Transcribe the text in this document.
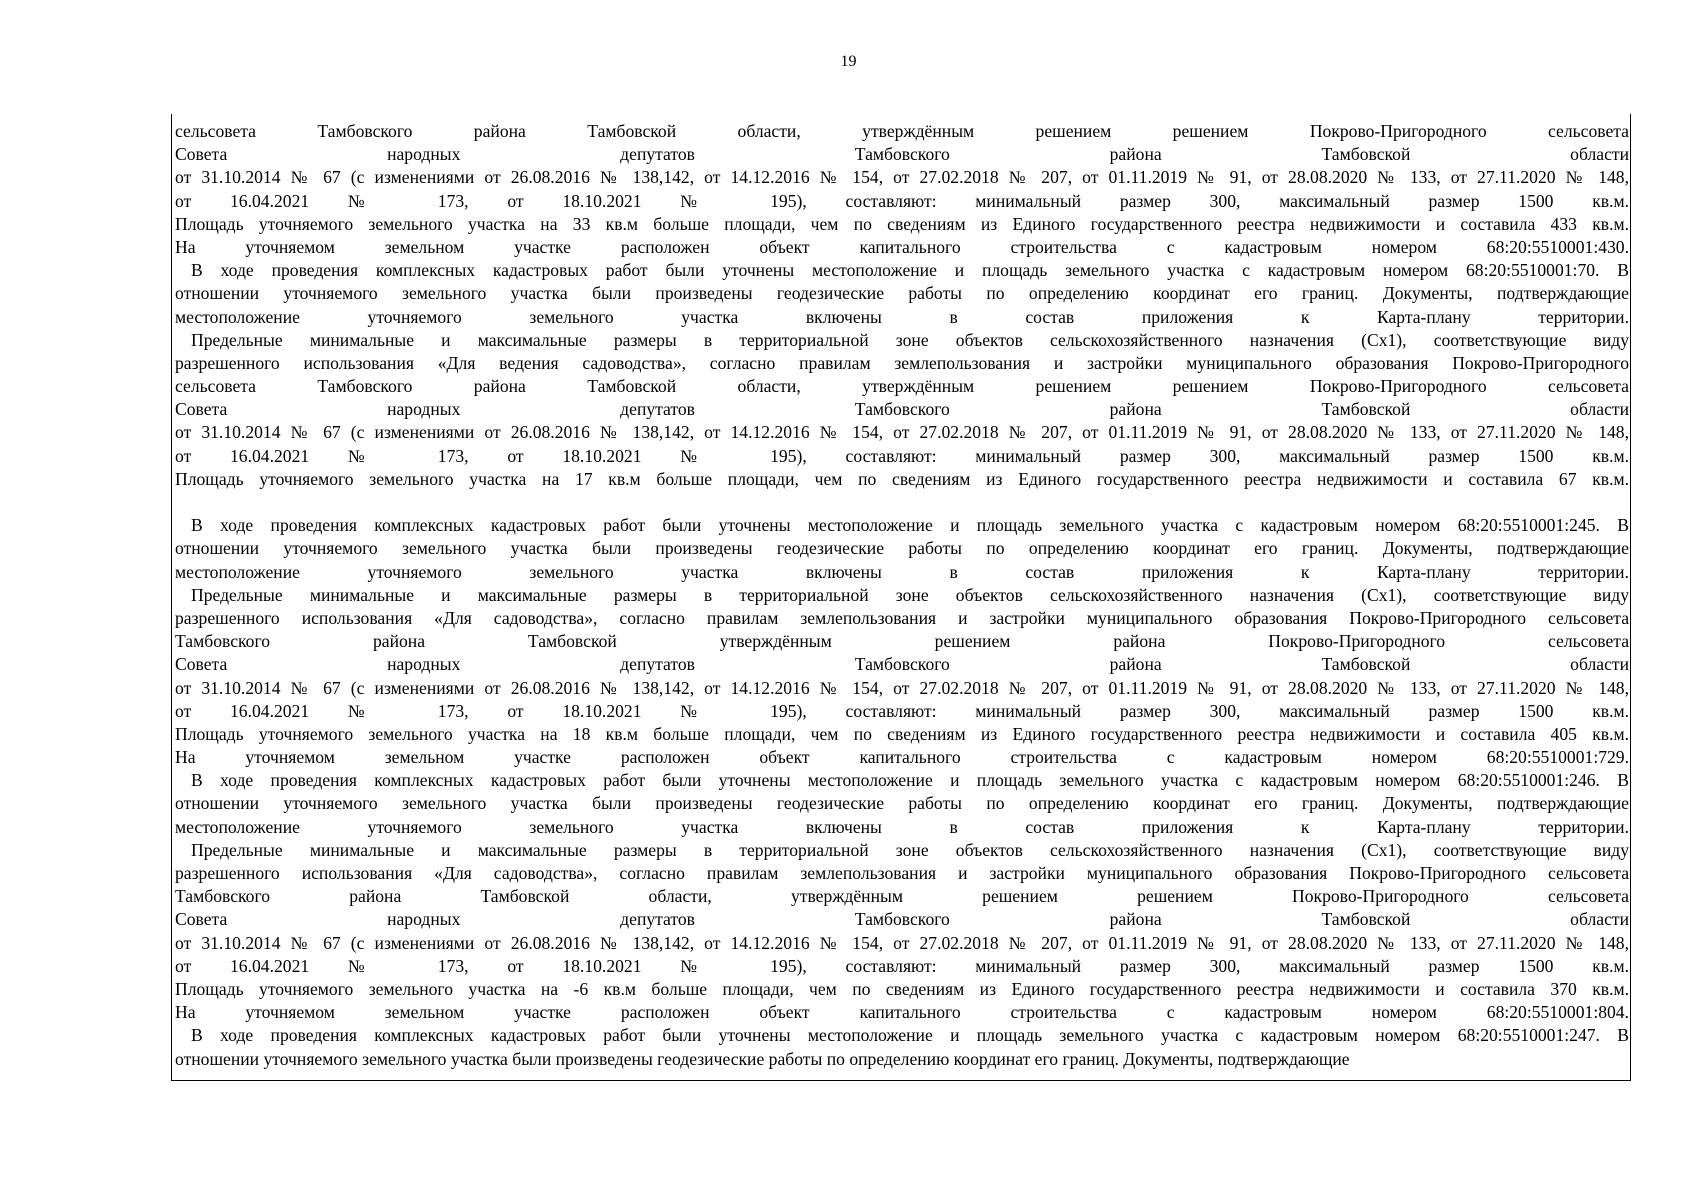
19
сельсовета Тамбовского района Тамбовской области, утверждённым решением решением Покрово-Пригородного сельсовета
Совета народных депутатов Тамбовского района Тамбовской области
от 31.10.2014 № 67 (с изменениями от 26.08.2016 № 138,142, от 14.12.2016 № 154, от 27.02.2018 № 207, от 01.11.2019 № 91, от 28.08.2020 № 133, от 27.11.2020 № 148,
от 16.04.2021 № 173, от 18.10.2021 № 195), составляют: минимальный размер 300, максимальный размер 1500 кв.м.
Площадь уточняемого земельного участка на 33 кв.м больше площади, чем по сведениям из Единого государственного реестра недвижимости и составила 433 кв.м.
На уточняемом земельном участке расположен объект капитального строительства с кадастровым номером 68:20:5510001:430.
В ходе проведения комплексных кадастровых работ были уточнены местоположение и площадь земельного участка с кадастровым номером 68:20:5510001:70. В
отношении уточняемого земельного участка были произведены геодезические работы по определению координат его границ. Документы, подтверждающие
местоположение уточняемого земельного участка включены в состав приложения к Карта-плану территории.
Предельные минимальные и максимальные размеры в территориальной зоне объектов сельскохозяйственного назначения (Сх1), соответствующие виду
разрешенного использования «Для ведения садоводства», согласно правилам землепользования и застройки муниципального образования Покрово-Пригородного
сельсовета Тамбовского района Тамбовской области, утверждённым решением решением Покрово-Пригородного сельсовета
Совета народных депутатов Тамбовского района Тамбовской области
от 31.10.2014 № 67 (с изменениями от 26.08.2016 № 138,142, от 14.12.2016 № 154, от 27.02.2018 № 207, от 01.11.2019 № 91, от 28.08.2020 № 133, от 27.11.2020 № 148,
от 16.04.2021 № 173, от 18.10.2021 № 195), составляют: минимальный размер 300, максимальный размер 1500 кв.м.
Площадь уточняемого земельного участка на 17 кв.м больше площади, чем по сведениям из Единого государственного реестра недвижимости и составила 67 кв.м.
В ходе проведения комплексных кадастровых работ были уточнены местоположение и площадь земельного участка с кадастровым номером 68:20:5510001:245. В
отношении уточняемого земельного участка были произведены геодезические работы по определению координат его границ. Документы, подтверждающие
местоположение уточняемого земельного участка включены в состав приложения к Карта-плану территории.
Предельные минимальные и максимальные размеры в территориальной зоне объектов сельскохозяйственного назначения (Сх1), соответствующие виду
разрешенного использования «Для садоводства», согласно правилам землепользования и застройки муниципального образования Покрово-Пригородного сельсовета
Тамбовского района Тамбовской утверждённым решением района Покрово-Пригородного сельсовета
Совета народных депутатов Тамбовского района Тамбовской области
от 31.10.2014 № 67 (с изменениями от 26.08.2016 № 138,142, от 14.12.2016 № 154, от 27.02.2018 № 207, от 01.11.2019 № 91, от 28.08.2020 № 133, от 27.11.2020 № 148,
от 16.04.2021 № 173, от 18.10.2021 № 195), составляют: минимальный размер 300, максимальный размер 1500 кв.м.
Площадь уточняемого земельного участка на 18 кв.м больше площади, чем по сведениям из Единого государственного реестра недвижимости и составила 405 кв.м.
На уточняемом земельном участке расположен объект капитального строительства с кадастровым номером 68:20:5510001:729.
В ходе проведения комплексных кадастровых работ были уточнены местоположение и площадь земельного участка с кадастровым номером 68:20:5510001:246. В
отношении уточняемого земельного участка были произведены геодезические работы по определению координат его границ. Документы, подтверждающие
местоположение уточняемого земельного участка включены в состав приложения к Карта-плану территории.
Предельные минимальные и максимальные размеры в территориальной зоне объектов сельскохозяйственного назначения (Сх1), соответствующие виду
разрешенного использования «Для садоводства», согласно правилам землепользования и застройки муниципального образования Покрово-Пригородного сельсовета
Тамбовского района Тамбовской области, утверждённым решением решением Покрово-Пригородного сельсовета
Совета народных депутатов Тамбовского района Тамбовской области
от 31.10.2014 № 67 (с изменениями от 26.08.2016 № 138,142, от 14.12.2016 № 154, от 27.02.2018 № 207, от 01.11.2019 № 91, от 28.08.2020 № 133, от 27.11.2020 № 148,
от 16.04.2021 № 173, от 18.10.2021 № 195), составляют: минимальный размер 300, максимальный размер 1500 кв.м.
Площадь уточняемого земельного участка на -6 кв.м больше площади, чем по сведениям из Единого государственного реестра недвижимости и составила 370 кв.м.
На уточняемом земельном участке расположен объект капитального строительства с кадастровым номером 68:20:5510001:804.
В ходе проведения комплексных кадастровых работ были уточнены местоположение и площадь земельного участка с кадастровым номером 68:20:5510001:247. В
отношении уточняемого земельного участка были произведены геодезические работы по определению координат его границ. Документы, подтверждающие
